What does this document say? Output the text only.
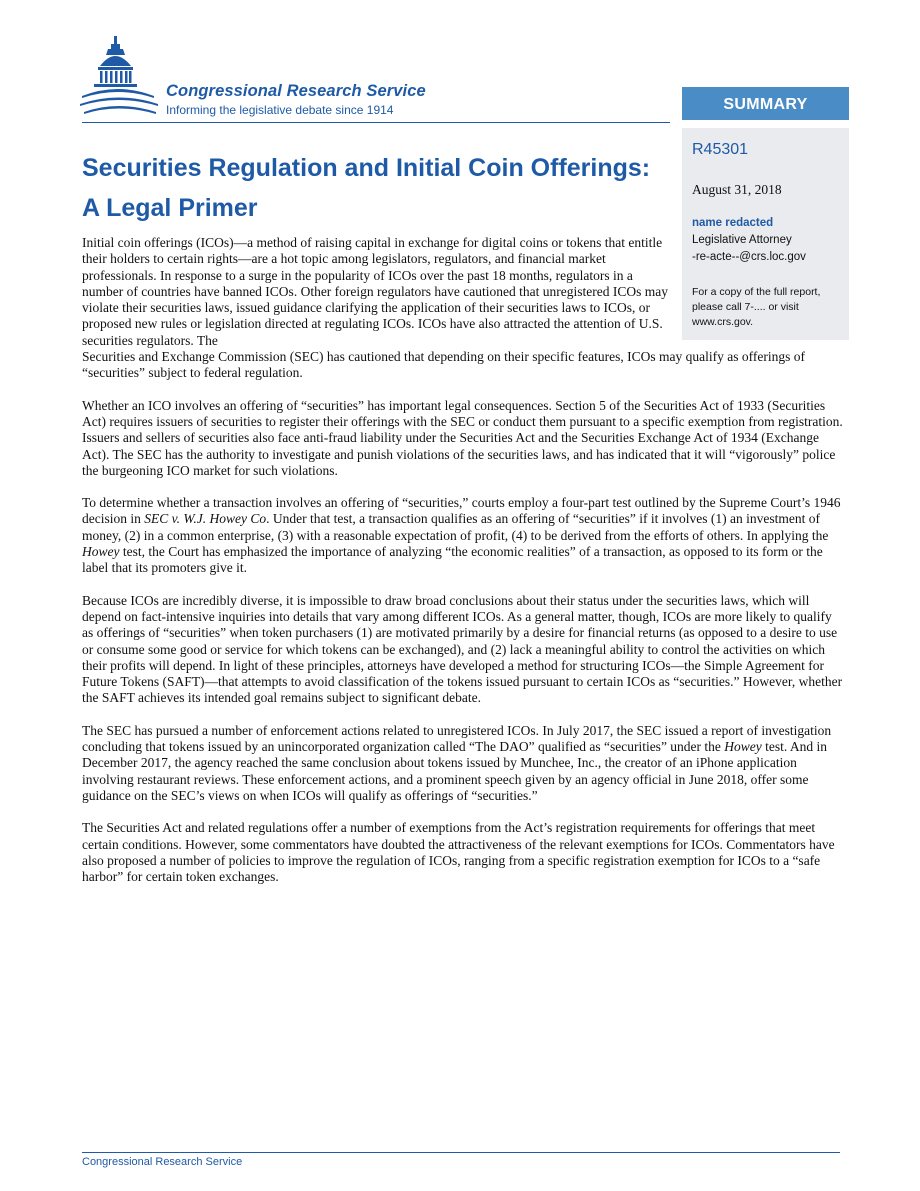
Congressional Research Service
Informing the legislative debate since 1914	SUMMARY
R45301
August 31, 2018
name redacted
Legislative Attorney
-re-acte--@crs.loc.gov
For a copy of the full report, please call 7-.... or visit www.crs.gov.
Securities Regulation and Initial Coin Offerings:
A Legal Primer

Initial coin offerings (ICOs)—a method of raising capital in exchange for digital coins or tokens that entitle their holders to certain rights—are a hot topic among legislators, regulators, and financial market professionals. In response to a surge in the popularity of ICOs over the past 18 months, regulators in a number of countries have banned ICOs. Other foreign regulators have cautioned that unregistered ICOs may violate their securities laws, issued guidance clarifying the application of their securities laws to ICOs, or proposed new rules or legislation directed at regulating ICOs. ICOs have also attracted the attention of U.S. securities regulators. The
Securities and Exchange Commission (SEC) has cautioned that depending on their specific features, ICOs may qualify as offerings of “securities” subject to federal regulation.

Whether an ICO involves an offering of “securities” has important legal consequences. Section 5 of the Securities Act of 1933 (Securities Act) requires issuers of securities to register their offerings with the SEC or conduct them pursuant to a specific exemption from registration. Issuers and sellers of securities also face anti-fraud liability under the Securities Act and the Securities Exchange Act of 1934 (Exchange Act). The SEC has the authority to investigate and punish violations of the securities laws, and has indicated that it will “vigorously” police the burgeoning ICO market for such violations.

To determine whether a transaction involves an offering of “securities,” courts employ a four-part test outlined by the Supreme Court’s 1946 decision in SEC v. W.J. Howey Co. Under that test, a transaction qualifies as an offering of “securities” if it involves (1) an investment of money, (2) in a common enterprise, (3) with a reasonable expectation of profit, (4) to be derived from the efforts of others. In applying the Howey test, the Court has emphasized the importance of analyzing “the economic realities” of a transaction, as opposed to its form or the label that its promoters give it.

Because ICOs are incredibly diverse, it is impossible to draw broad conclusions about their status under the securities laws, which will depend on fact-intensive inquiries into details that vary among different ICOs. As a general matter, though, ICOs are more likely to qualify as offerings of “securities” when token purchasers (1) are motivated primarily by a desire for financial returns (as opposed to a desire to use or consume some good or service for which tokens can be exchanged), and (2) lack a meaningful ability to control the activities on which their profits will depend. In light of these principles, attorneys have developed a method for structuring ICOs—the Simple Agreement for Future Tokens (SAFT)—that attempts to avoid classification of the tokens issued pursuant to certain ICOs as “securities.” However, whether the SAFT achieves its intended goal remains subject to significant debate.

The SEC has pursued a number of enforcement actions related to unregistered ICOs. In July 2017, the SEC issued a report of investigation concluding that tokens issued by an unincorporated organization called “The DAO” qualified as “securities” under the Howey test. And in December 2017, the agency reached the same conclusion about tokens issued by Munchee, Inc., the creator of an iPhone application involving restaurant reviews. These enforcement actions, and a prominent speech given by an agency official in June 2018, offer some guidance on the SEC’s views on when ICOs will qualify as offerings of “securities.”

The Securities Act and related regulations offer a number of exemptions from the Act’s registration requirements for offerings that meet certain conditions. However, some commentators have doubted the attractiveness of the relevant exemptions for ICOs. Commentators have also proposed a number of policies to improve the regulation of ICOs, ranging from a specific registration exemption for ICOs to a “safe harbor” for certain token exchanges.

Congressional Research Service
